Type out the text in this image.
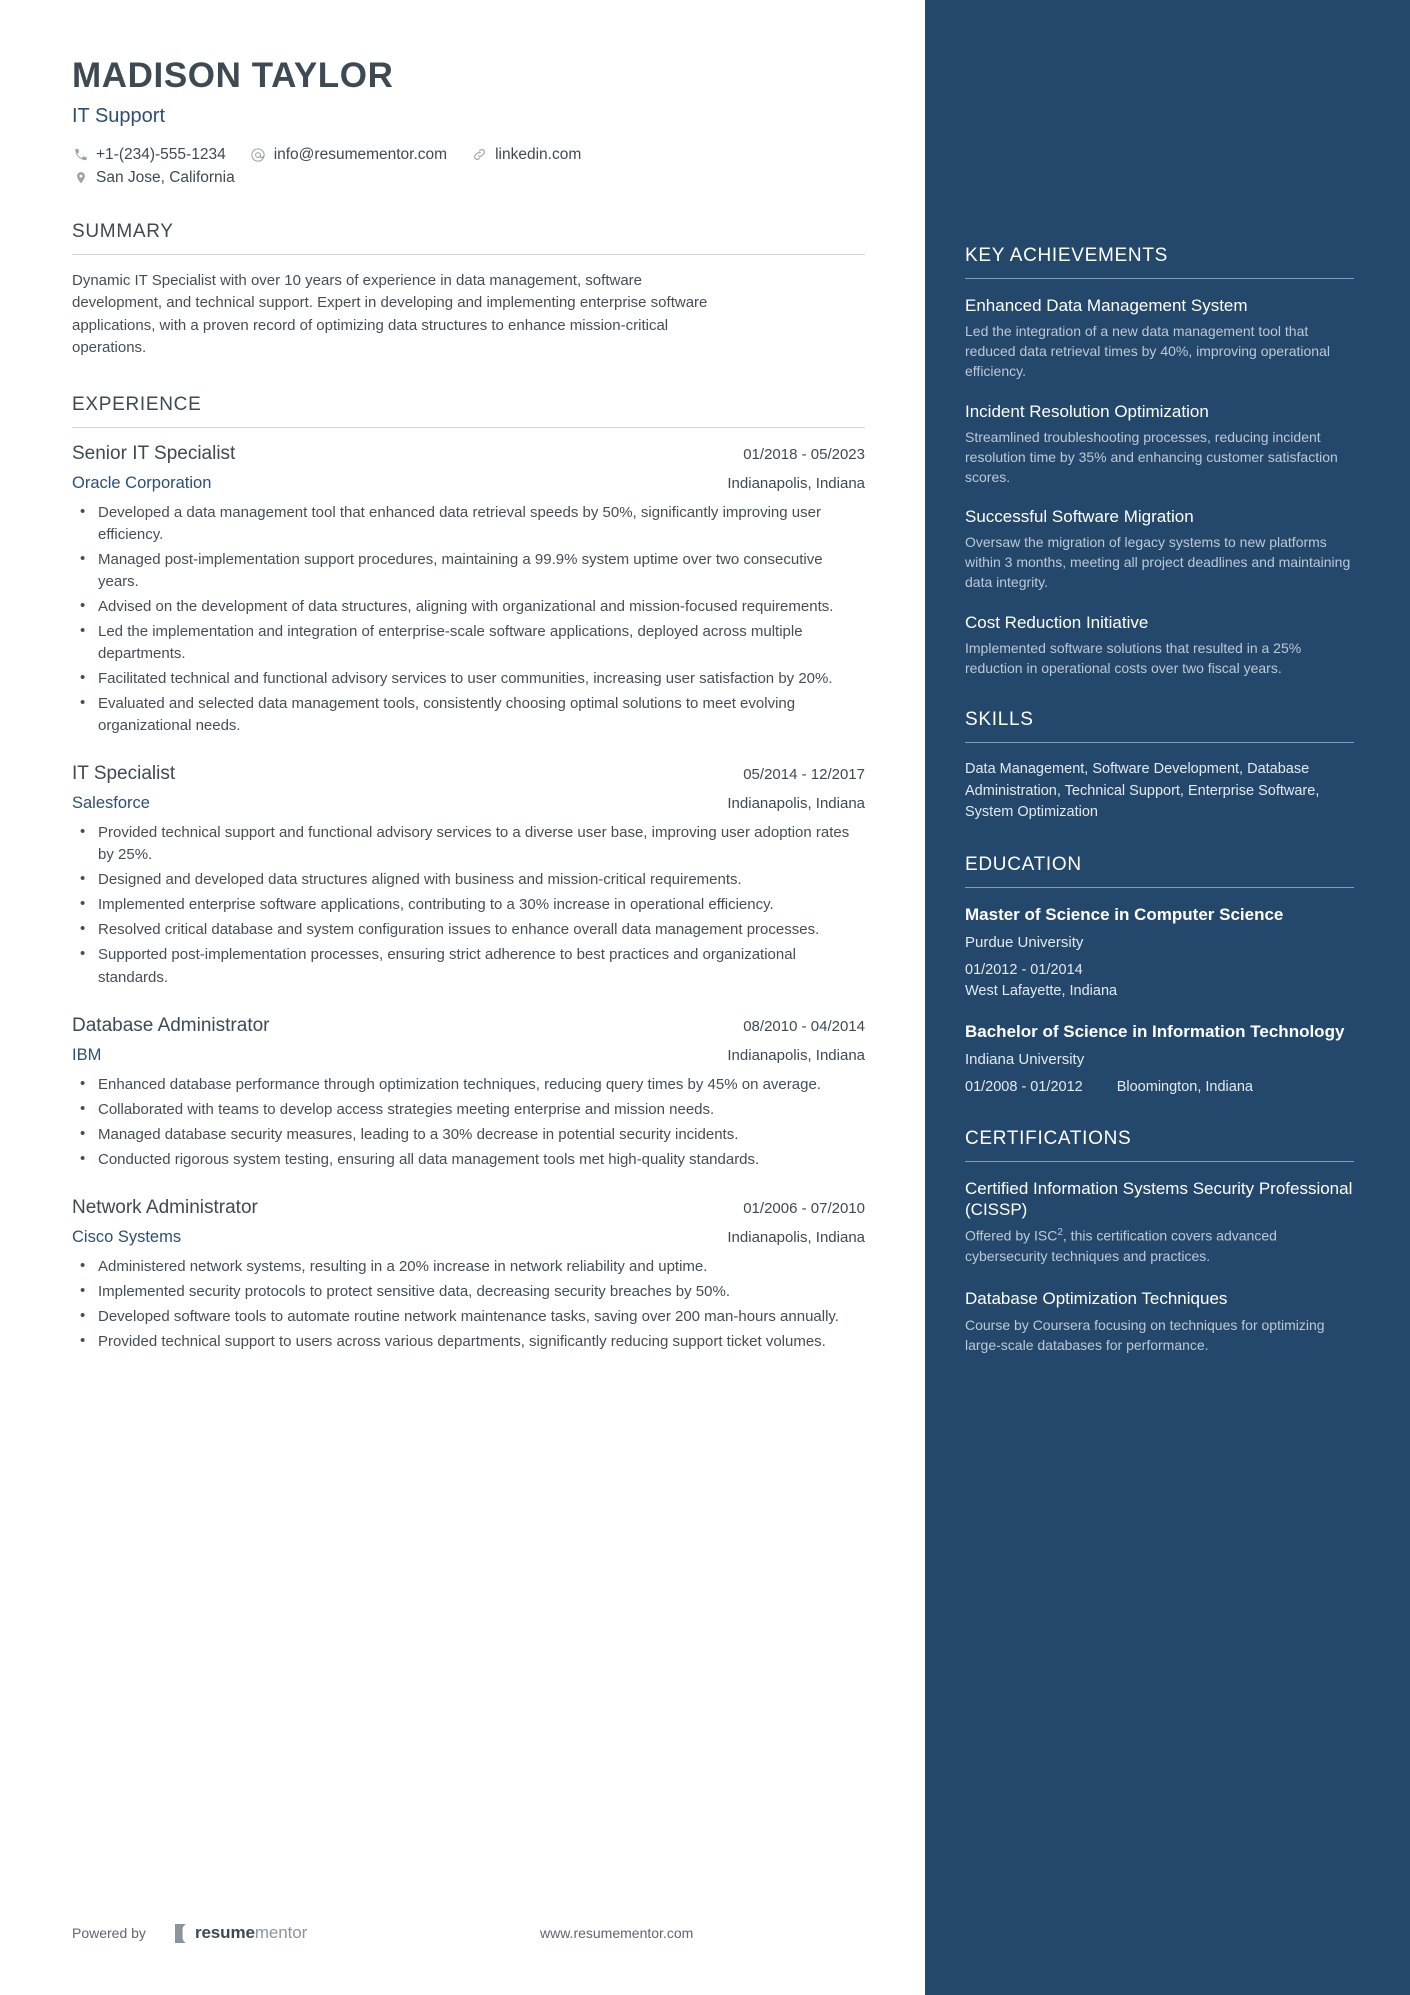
MADISON TAYLOR
IT Support
+1-(234)-555-1234	info@resumementor.com	linkedin.com
San Jose, California
SUMMARY
Dynamic IT Specialist with over 10 years of experience in data management, software development, and technical support. Expert in developing and implementing enterprise software applications, with a proven record of optimizing data structures to enhance mission-critical operations.
EXPERIENCE
Senior IT Specialist	01/2018 - 05/2023
Oracle Corporation	Indianapolis, Indiana
• Developed a data management tool that enhanced data retrieval speeds by 50%, significantly improving user efficiency.
• Managed post-implementation support procedures, maintaining a 99.9% system uptime over two consecutive years.
• Advised on the development of data structures, aligning with organizational and mission-focused requirements.
• Led the implementation and integration of enterprise-scale software applications, deployed across multiple departments.
• Facilitated technical and functional advisory services to user communities, increasing user satisfaction by 20%.
• Evaluated and selected data management tools, consistently choosing optimal solutions to meet evolving organizational needs.
IT Specialist	05/2014 - 12/2017
Salesforce	Indianapolis, Indiana
• Provided technical support and functional advisory services to a diverse user base, improving user adoption rates by 25%.
• Designed and developed data structures aligned with business and mission-critical requirements.
• Implemented enterprise software applications, contributing to a 30% increase in operational efficiency.
• Resolved critical database and system configuration issues to enhance overall data management processes.
• Supported post-implementation processes, ensuring strict adherence to best practices and organizational standards.
Database Administrator	08/2010 - 04/2014
IBM	Indianapolis, Indiana
• Enhanced database performance through optimization techniques, reducing query times by 45% on average.
• Collaborated with teams to develop access strategies meeting enterprise and mission needs.
• Managed database security measures, leading to a 30% decrease in potential security incidents.
• Conducted rigorous system testing, ensuring all data management tools met high-quality standards.
Network Administrator	01/2006 - 07/2010
Cisco Systems	Indianapolis, Indiana
• Administered network systems, resulting in a 20% increase in network reliability and uptime.
• Implemented security protocols to protect sensitive data, decreasing security breaches by 50%.
• Developed software tools to automate routine network maintenance tasks, saving over 200 man-hours annually.
• Provided technical support to users across various departments, significantly reducing support ticket volumes.
Powered by	resumementor	www.resumementor.com
KEY ACHIEVEMENTS
Enhanced Data Management System
Led the integration of a new data management tool that reduced data retrieval times by 40%, improving operational efficiency.
Incident Resolution Optimization
Streamlined troubleshooting processes, reducing incident resolution time by 35% and enhancing customer satisfaction scores.
Successful Software Migration
Oversaw the migration of legacy systems to new platforms within 3 months, meeting all project deadlines and maintaining data integrity.
Cost Reduction Initiative
Implemented software solutions that resulted in a 25% reduction in operational costs over two fiscal years.
SKILLS
Data Management, Software Development, Database Administration, Technical Support, Enterprise Software, System Optimization
EDUCATION
Master of Science in Computer Science
Purdue University
01/2012 - 01/2014
West Lafayette, Indiana
Bachelor of Science in Information Technology
Indiana University
01/2008 - 01/2012 Bloomington, Indiana
CERTIFICATIONS
Certified Information Systems Security Professional (CISSP)
Offered by ISC$^2$, this certification covers advanced cybersecurity techniques and practices.
Database Optimization Techniques
Course by Coursera focusing on techniques for optimizing large-scale databases for performance.
